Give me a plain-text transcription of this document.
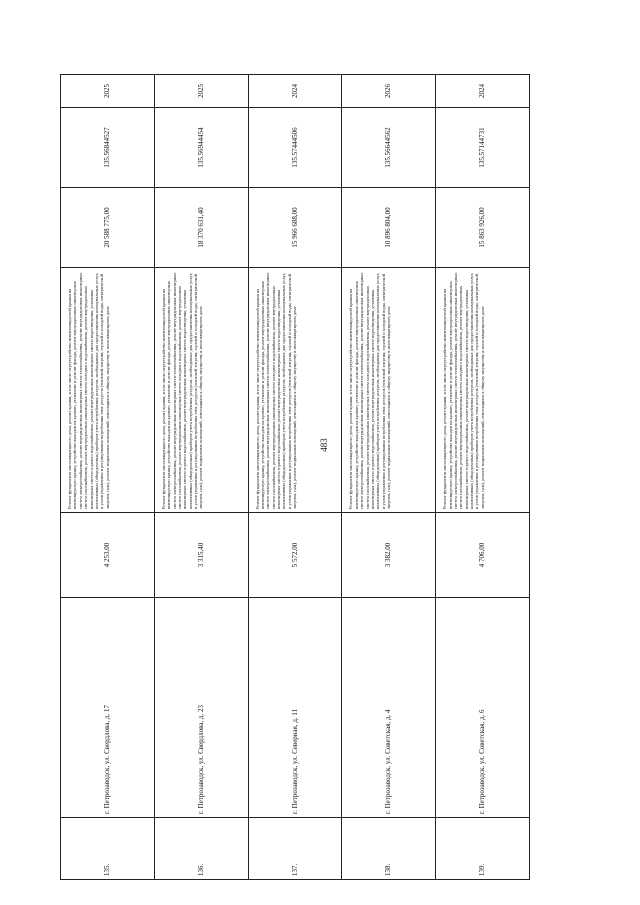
483
135.	г. Петрозаводск, ул. Свердлова, д. 17	4 253,00	Ремонт фундамента многоквартирного дома, ремонт крыши, в том числе переустройство невентилируемой крыши на вентилируемую крышу, устройство выходов на кровлю, утепление и ремонт фасада, ремонт внутридомовых инженерных систем электроснабжения, ремонт внутридомовых инженерных систем теплоснабжения, ремонт внутридомовых инженерных систем газоснабжения, ремонт внутридомовых инженерных систем холодного водоснабжения, ремонт внутридомовых инженерных систем горячего водоснабжения, ремонт внутридомовых инженерных систем водоотведения, установка коллективных (общедомовых) приборов учета потребления ресурсов, необходимых для предоставления коммунальных услуг, и узлов управления и регулирования потребления этих ресурсов (тепловой энергии, горячей и холодной воды, электрической энергии, газа), ремонт подвальных помещений, относящихся к общему имуществу в многоквартирном доме	20 588 775,00	135.56844527	2025
136.	г. Петрозаводск, ул. Свердлова, д. 23	3 315,40	Ремонт фундамента многоквартирного дома, ремонт крыши, в том числе переустройство невентилируемой крыши на вентилируемую крышу, устройство выходов на кровлю, утепление и ремонт фасада, ремонт внутридомовых инженерных систем электроснабжения, ремонт внутридомовых инженерных систем теплоснабжения, ремонт внутридомовых инженерных систем газоснабжения, ремонт внутридомовых инженерных систем холодного водоснабжения, ремонт внутридомовых инженерных систем горячего водоснабжения, ремонт внутридомовых инженерных систем водоотведения, установка коллективных (общедомовых) приборов учета потребления ресурсов, необходимых для предоставления коммунальных услуг, и узлов управления и регулирования потребления этих ресурсов (тепловой энергии, горячей и холодной воды, электрической энергии, газа), ремонт подвальных помещений, относящихся к общему имуществу в многоквартирном доме	18 370 631,40	135.56944454	2025
137.	г. Петрозаводск, ул. Северная, д. 11	5 572,00	Ремонт фундамента многоквартирного дома, ремонт крыши, в том числе переустройство невентилируемой крыши на вентилируемую крышу, устройство выходов на кровлю, утепление и ремонт фасада, ремонт внутридомовых инженерных систем электроснабжения, ремонт внутридомовых инженерных систем теплоснабжения, ремонт внутридомовых инженерных систем газоснабжения, ремонт внутридомовых инженерных систем холодного водоснабжения, ремонт внутридомовых инженерных систем горячего водоснабжения, ремонт внутридомовых инженерных систем водоотведения, установка коллективных (общедомовых) приборов учета потребления ресурсов, необходимых для предоставления коммунальных услуг, и узлов управления и регулирования потребления этих ресурсов (тепловой энергии, горячей и холодной воды, электрической энергии, газа), ремонт подвальных помещений, относящихся к общему имуществу в многоквартирном доме	15 966 688,00	135.57444506	2024
138.	г. Петрозаводск, ул. Советская, д. 4	3 382,00	Ремонт фундамента многоквартирного дома, ремонт крыши, в том числе переустройство невентилируемой крыши на вентилируемую крышу, устройство выходов на кровлю, утепление и ремонт фасада, ремонт внутридомовых инженерных систем электроснабжения, ремонт внутридомовых инженерных систем теплоснабжения, ремонт внутридомовых инженерных систем газоснабжения, ремонт внутридомовых инженерных систем холодного водоснабжения, ремонт внутридомовых инженерных систем горячего водоснабжения, ремонт внутридомовых инженерных систем водоотведения, установка коллективных (общедомовых) приборов учета потребления ресурсов, необходимых для предоставления коммунальных услуг, и узлов управления и регулирования потребления этих ресурсов (тепловой энергии, горячей и холодной воды, электрической энергии, газа), ремонт подвальных помещений, относящихся к общему имуществу в многоквартирном доме	10 896 804,00	135.56644562	2026
139.	г. Петрозаводск, ул. Советская, д. 6	4 706,00	Ремонт фундамента многоквартирного дома, ремонт крыши, в том числе переустройство невентилируемой крыши на вентилируемую крышу, устройство выходов на кровлю, утепление и ремонт фасада, ремонт внутридомовых инженерных систем электроснабжения, ремонт внутридомовых инженерных систем теплоснабжения, ремонт внутридомовых инженерных систем газоснабжения, ремонт внутридомовых инженерных систем холодного водоснабжения, ремонт внутридомовых инженерных систем горячего водоснабжения, ремонт внутридомовых инженерных систем водоотведения, установка коллективных (общедомовых) приборов учета потребления ресурсов, необходимых для предоставления коммунальных услуг, и узлов управления и регулирования потребления этих ресурсов (тепловой энергии, горячей и холодной воды, электрической энергии, газа), ремонт подвальных помещений, относящихся к общему имуществу в многоквартирном доме	15 863 926,00	135.57144731	2024
